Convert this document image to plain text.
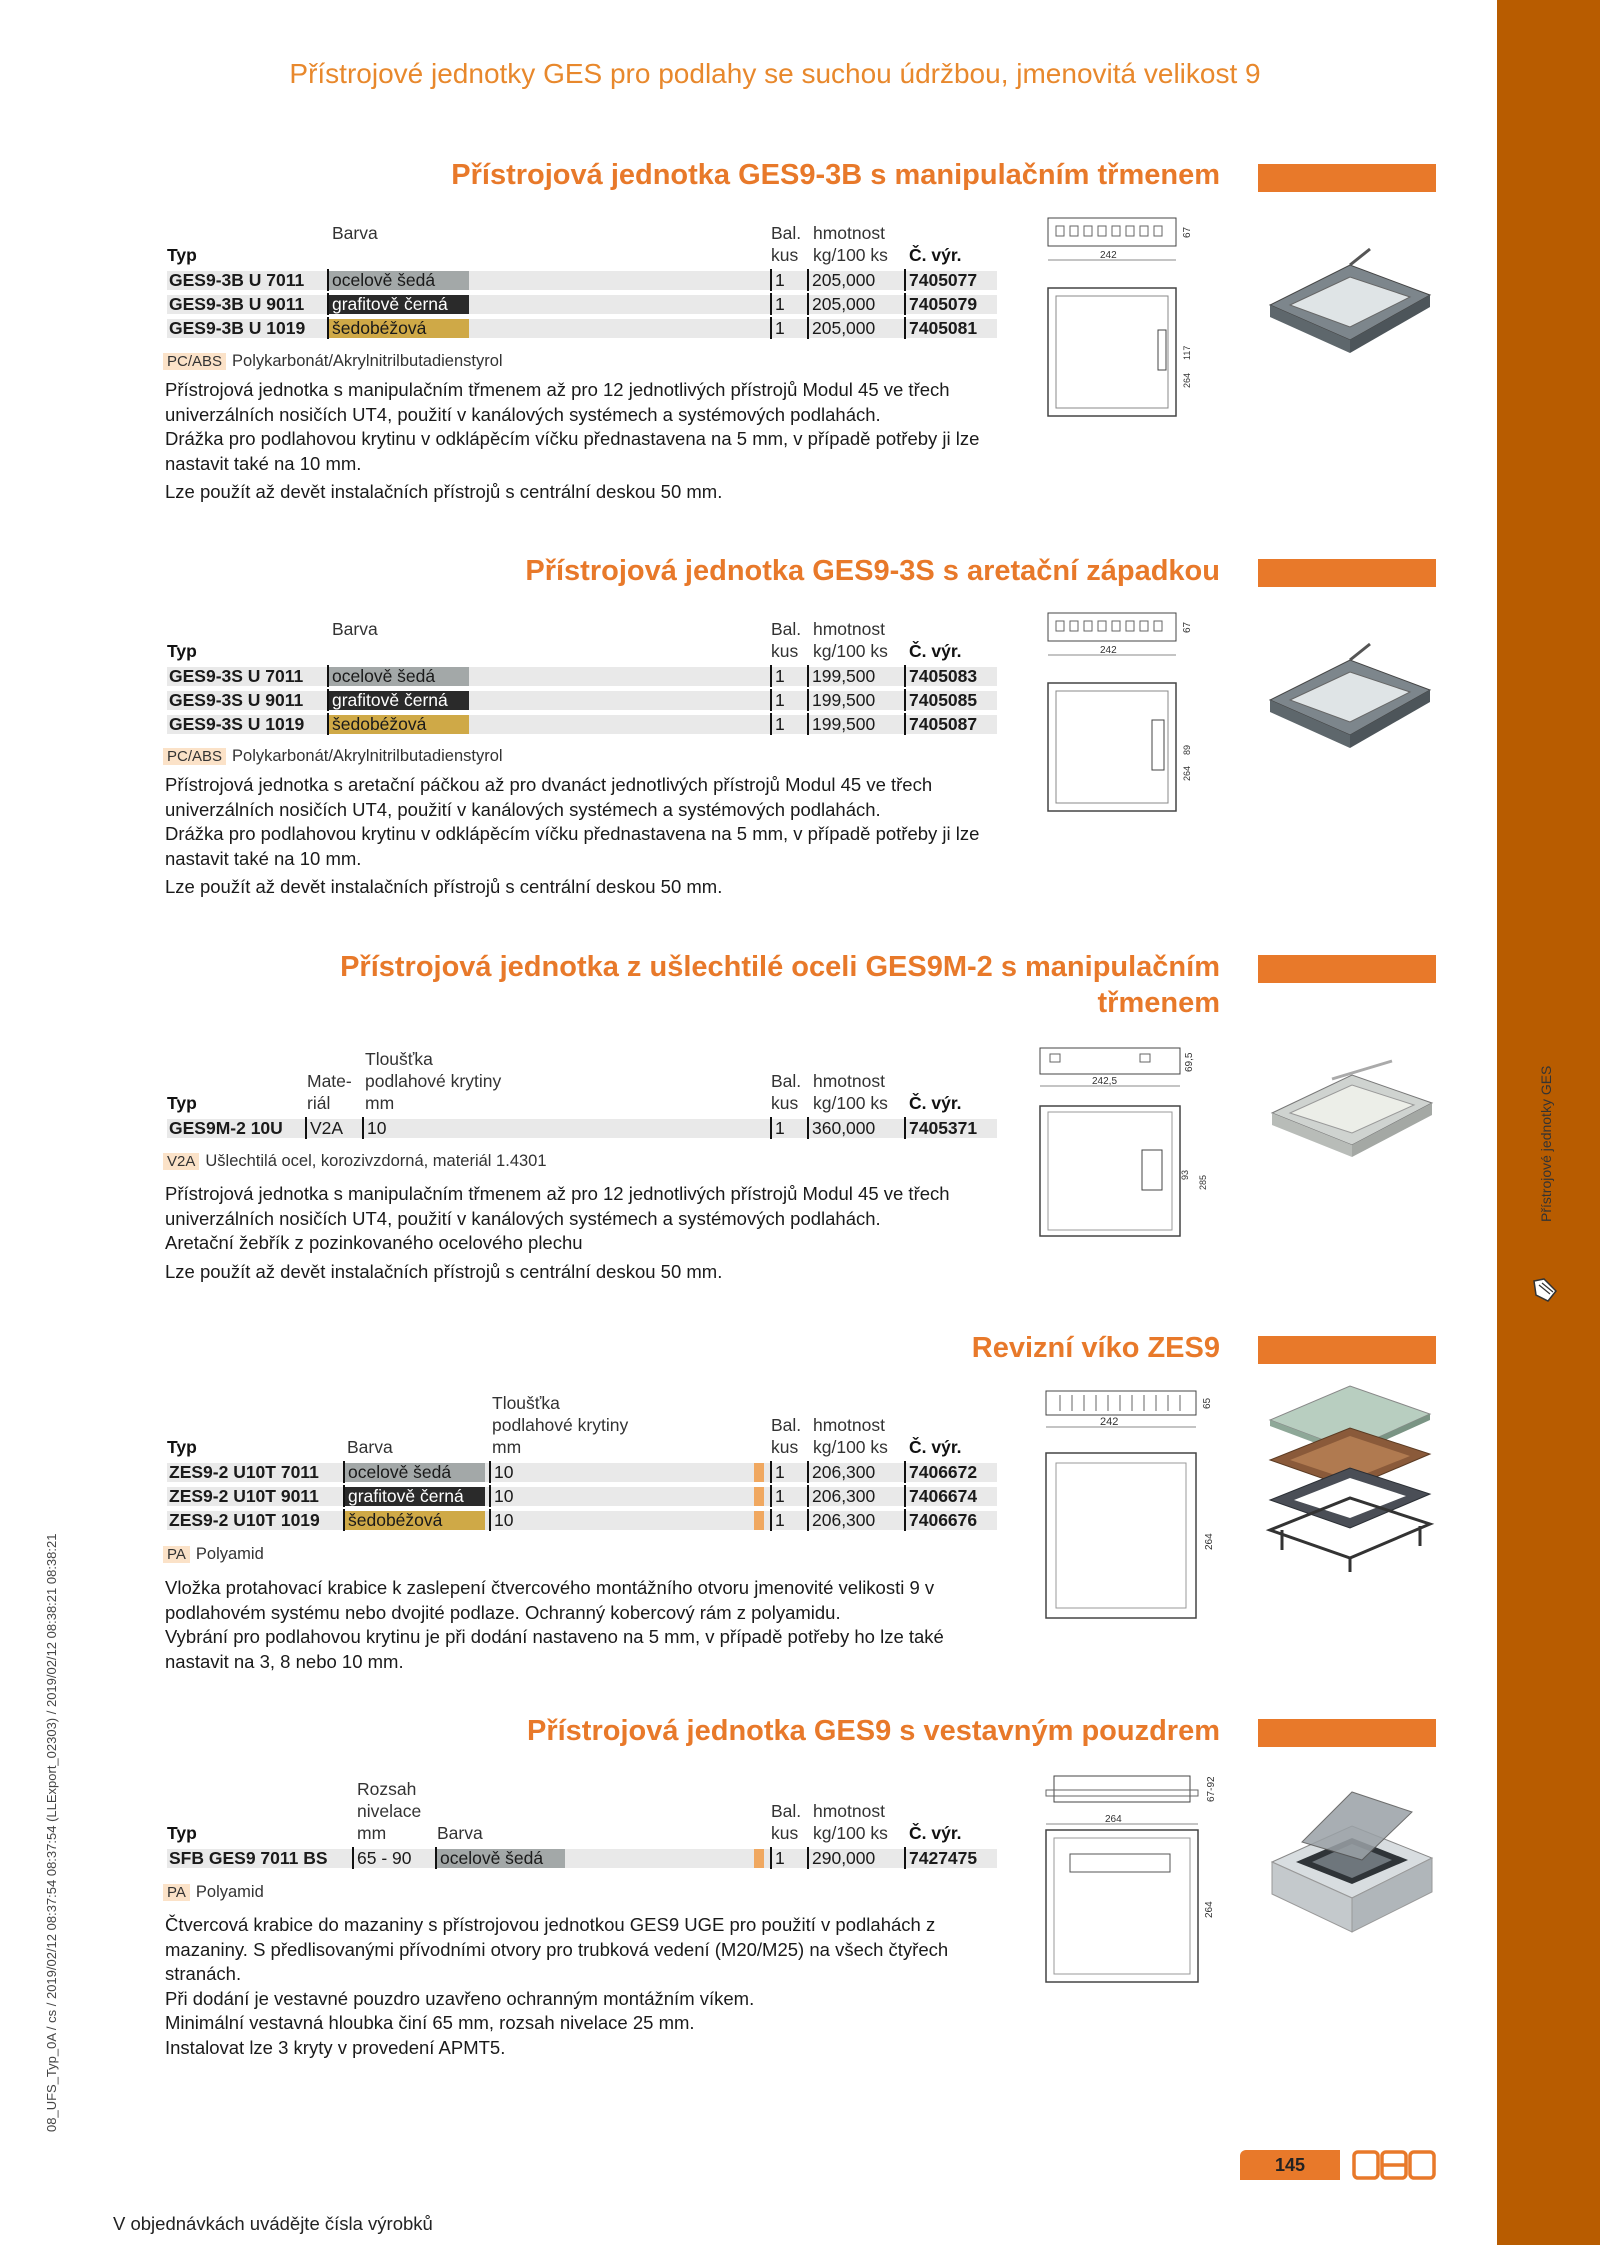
Přístrojové jednotky GES pro podlahy se suchou údržbou, jmenovitá velikost 9
Přístrojové jednotky GES
08_UFS_Typ_0A / cs / 2019/02/12 08:37:54 08:37:54 (LLExport_02303) / 2019/02/12 08:38:21 08:38:21
Přístrojová jednotka GES9-3B s manipulačním třmenem
Barva
Typ
Bal.
kus
hmotnost
kg/100 ks Č. výr.
GES9-3B U 7011 ocelově šedá	1 205,000 7405077
GES9-3B U 9011 grafitově černá	1 205,000 7405079
GES9-3B U 1019 šedobéžová	1 205,000 7405081
PC/ABS Polykarbonát/Akrylnitrilbutadienstyrol

Přístrojová jednotka s manipulačním třmenem až pro 12 jednotlivých přístrojů Modul 45 ve třech univerzálních nosičích UT4, použití v kanálových systémech a systémových podlahách.

Drážka pro podlahovou krytinu v odklápěcím víčku přednastavena na 5 mm, v případě potřeby ji lze nastavit také na 10 mm.

Lze použít až devět instalačních přístrojů s centrální deskou 50 mm.

242
67
117
264
Přístrojová jednotka GES9-3S s aretační západkou
Barva
Typ
Bal.
kus
hmotnost
kg/100 ks Č. výr.
GES9-3S U 7011 ocelově šedá	1 199,500 7405083
GES9-3S U 9011 grafitově černá	1 199,500 7405085
GES9-3S U 1019 šedobéžová	1 199,500 7405087
PC/ABS Polykarbonát/Akrylnitrilbutadienstyrol

Přístrojová jednotka s aretační páčkou až pro dvanáct jednotlivých přístrojů Modul 45 ve třech univerzálních nosičích UT4, použití v kanálových systémech a systémových podlahách.

Drážka pro podlahovou krytinu v odklápěcím víčku přednastavena na 5 mm, v případě potřeby ji lze nastavit také na 10 mm.

Lze použít až devět instalačních přístrojů s centrální deskou 50 mm.

242
67
89
264
Přístrojová jednotka z ušlechtilé oceli GES9M-2 s manipulačním
třmenem
Tloušťka
Mate- podlahové krytiny
Typ	riál mm
Bal.
kus
hmotnost
kg/100 ks Č. výr.
GES9M-2 10U V2A 10	1 360,000 7405371
V2A Ušlechtilá ocel, korozivzdorná, materiál 1.4301

Přístrojová jednotka s manipulačním třmenem až pro 12 jednotlivých přístrojů Modul 45 ve třech univerzálních nosičích UT4, použití v kanálových systémech a systémových podlahách.

Aretační žebřík z pozinkovaného ocelového plechu

Lze použít až devět instalačních přístrojů s centrální deskou 50 mm.

242,5
69,5
93 285
Revizní víko ZES9
Tloušťka
podlahové krytiny
Typ	Barva	mm
Bal.
kus
hmotnost
kg/100 ks Č. výr.
ZES9-2 U10T 7011 ocelově šedá 10	1 206,300 7406672
ZES9-2 U10T 9011 grafitově černá 10	1 206,300 7406674
ZES9-2 U10T 1019 šedobéžová	10	1 206,300 7406676
PA Polyamid

Vložka protahovací krabice k zaslepení čtvercového montážního otvoru jmenovité velikosti 9 v podlahovém systému nebo dvojité podlaze. Ochranný kobercový rám z polyamidu.

Vybrání pro podlahovou krytinu je při dodání nastaveno na 5 mm, v případě potřeby ho lze také nastavit na 3, 8 nebo 10 mm.

242
65
264
Přístrojová jednotka GES9 s vestavným pouzdrem
Rozsah
nivelace
Typ	mm	Barva
Bal.
kus
hmotnost
kg/100 ks Č. výr.
SFB GES9 7011 BS 65 - 90 ocelově šedá	1 290,000 7427475
PA Polyamid

Čtvercová krabice do mazaniny s přístrojovou jednotkou GES9 UGE pro použití v podlahách z mazaniny. S předlisovanými přívodními otvory pro trubková vedení (M20/M25) na všech čtyřech stranách.

Při dodání je vestavné pouzdro uzavřeno ochranným montážním víkem.

Minimální vestavná hloubka činí 65 mm, rozsah nivelace 25 mm.

Instalovat lze 3 kryty v provedení APMT5.

67-92
264
264
V objednávkách uvádějte čísla výrobků
145
